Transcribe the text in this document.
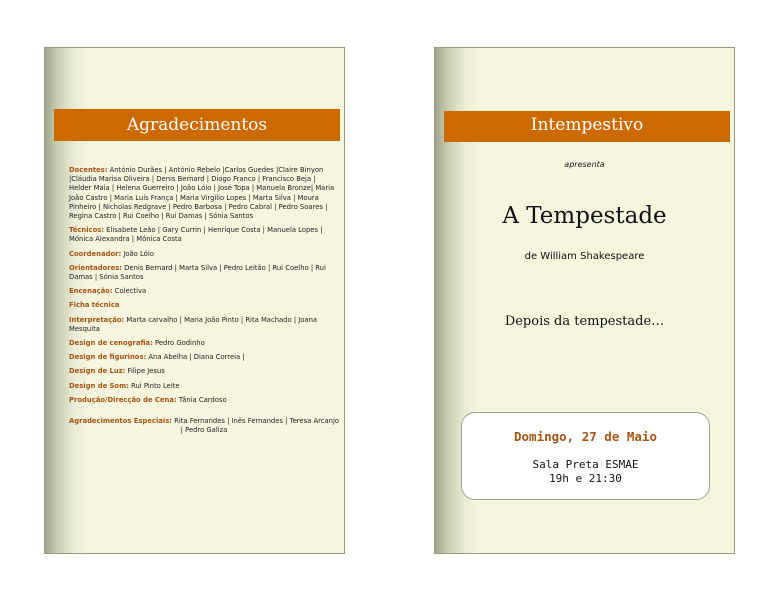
Agradecimentos

Docentes: António Durães | António Rebelo |Carlos Guedes |Claire Binyon |Cláudia Marisa Oliveira | Denis Bernard | Diogo Franco | Francisco Beja | Helder Maia | Helena Guerreiro | João Lóio | José Topa | Manuela Bronze| Maria João Castro | Maria Luís França | Maria Virgílio Lopes | Marta Silva | Moura Pinheiro | Nicholas Redgrave | Pedro Barbosa | Pedro Cabral | Pedro Soares | Regina Castro | Rui Coelho | Rui Damas | Sónia Santos

Técnicos: Elisabete Leão | Gary Currin | Henrique Costa | Manuela Lopes | Mónica Alexandra | Mónica Costa

Coordenador: João Lóio

Orientadores: Denis Bernard | Marta Silva | Pedro Leitão | Rui Coelho | Rui Damas | Sónia Santos

Encenação: Colectiva

Ficha técnica

Interpretação: Marta carvalho | Maria João Pinto | Rita Machado | Joana Mesquita

Design de cenografia: Pedro Godinho

Design de figurinos: Ana Abelha | Diana Correia |

Design de Luz: Filipe Jesus

Design de Som: Rui Pinto Leite

Produção/Direcção de Cena: Tânia Cardoso

Agradecimentos Especiais: Rita Fernandes | Inês Fernandes | Teresa Arcanjo | Pedro Galiza

Intempestivo
apresenta
A Tempestade
de William Shakespeare
Depois da tempestade…
Domingo, 27 de Maio
Sala Preta ESMAE
19h e 21:30
